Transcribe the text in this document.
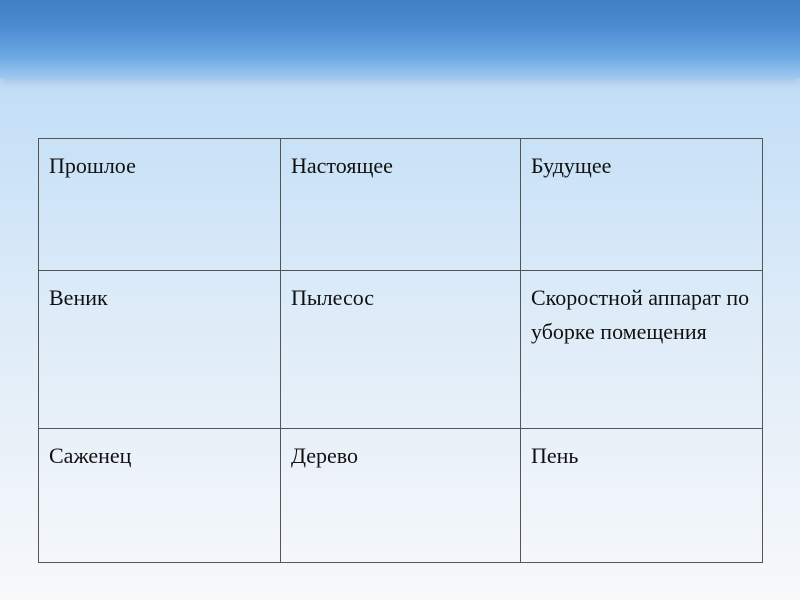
Прошлое	Настоящее	Будущее
Веник	Пылесос	Скоростной аппарат по уборке помещения
Саженец	Дерево	Пень
